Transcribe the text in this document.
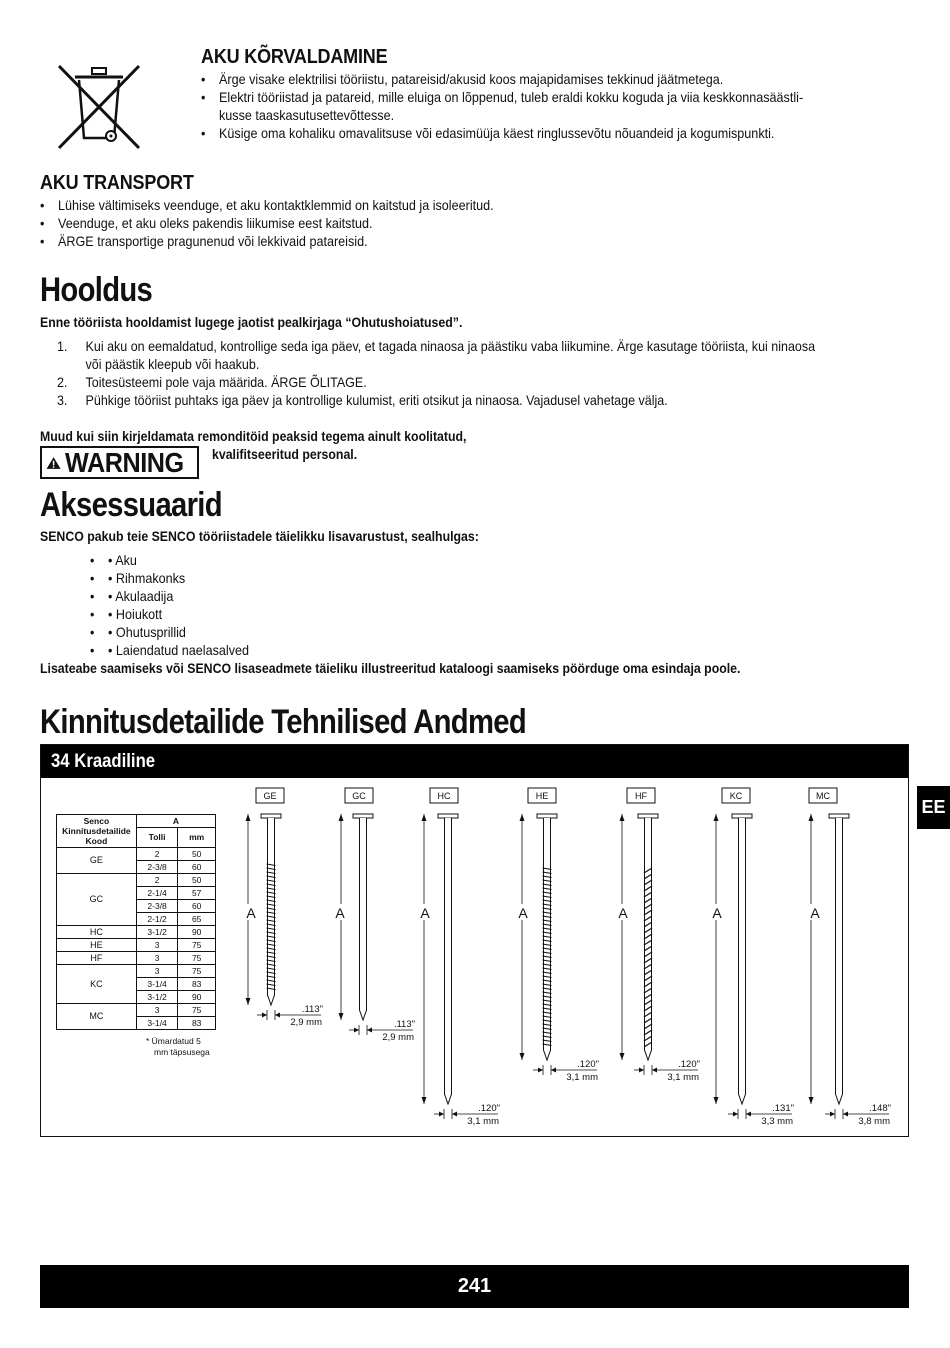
AKU KÕRVALDAMINE
• Ärge visake elektrilisi tööriistu, patareisid/akusid koos majapidamises tekkinud jäätmetega.
• Elektri tööriistad ja patareid, mille eluiga on lõppenud, tuleb eraldi kokku koguda ja viia keskkonnasäästli-
kusse taaskasutusettevõttesse.
• Küsige oma kohaliku omavalitsuse või edasimüüja käest ringlussevõtu nõuandeid ja kogumispunkti.
AKU TRANSPORT
• Lühise vältimiseks veenduge, et aku kontaktklemmid on kaitstud ja isoleeritud.
• Veenduge, et aku oleks pakendis liikumise eest kaitstud.
• ÄRGE transportige pragunenud või lekkivaid patareisid.
Hooldus
Enne tööriista hooldamist lugege jaotist pealkirjaga “Ohutushoiatused”.
1. Kui aku on eemaldatud, kontrollige seda iga päev, et tagada ninaosa ja päästiku vaba liikumine. Ärge kasutage tööriista, kui ninaosa
või päästik kleepub või haakub.
2. Toitesüsteemi pole vaja määrida. ÄRGE ÕLITAGE.
3. Pühkige tööriist puhtaks iga päev ja kontrollige kulumist, eriti otsikut ja ninaosa. Vajadusel vahetage välja.
Muud kui siin kirjeldamata remonditöid peaksid tegema ainult koolitatud,
WARNING kvalifitseeritud personal.
Aksessuaarid
SENCO pakub teie SENCO tööriistadele täielikku lisavarustust, sealhulgas:
• • Aku
• • Rihmakonks
• • Akulaadija
• • Hoiukott
• • Ohutusprillid
• • Laiendatud naelasalved
Lisateabe saamiseks või SENCO lisaseadmete täieliku illustreeritud kataloogi saamiseks pöörduge oma esindaja poole.
Kinnitusdetailide Tehnilised Andmed
34 Kraadiline
Senco
Kinnitusdetailide
Kood	A	
	Tolli	mm
GE	2	50
	2-3/8	60
GC	2	50
	2-1/4	57
	2-3/8	60
	2-1/2	65
HC	3-1/2	90
HE	3	75
HF	3	75
KC	3	75
	3-1/4	83
	3-1/2	90
MC	3	75
	3-1/4	83
* Ümardatud 5
mm täpsusega
GE
A
.113"
2,9 mm
GC
A
.113"
2,9 mm
HC
A
.120"
3,1 mm
HE
A
.120"
3,1 mm
HF
A
.120"
3,1 mm
KC
A
.131"
3,3 mm
MC
A
.148"
3,8 mm
EE
241
